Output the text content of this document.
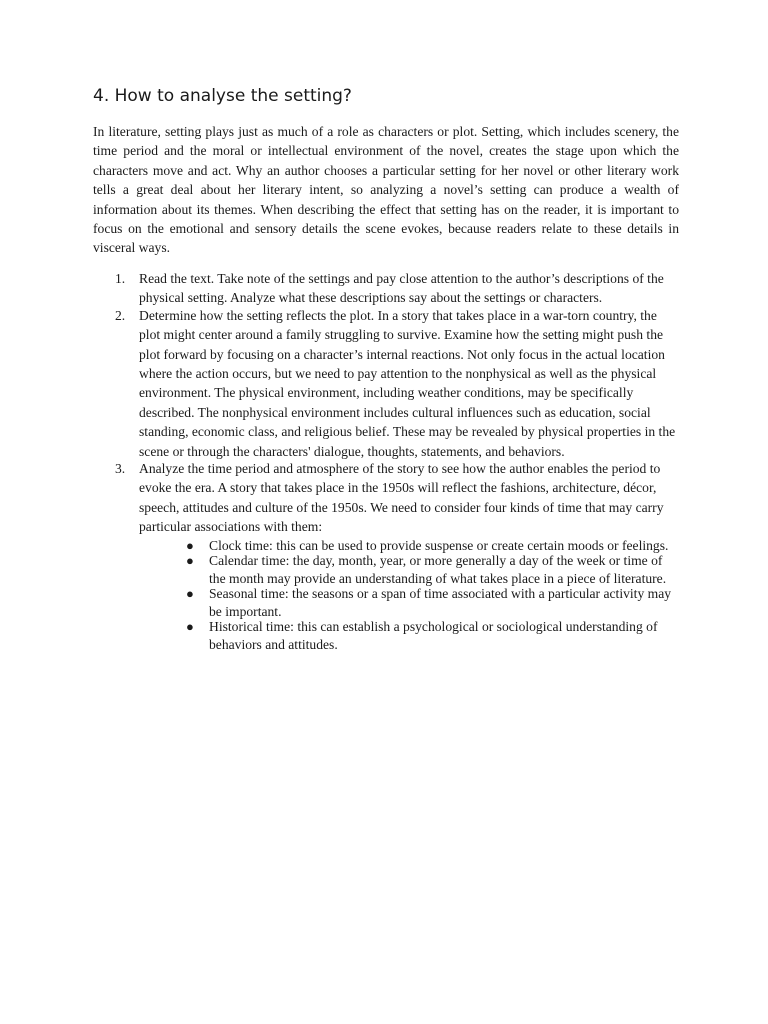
4. How to analyse the setting?

In literature, setting plays just as much of a role as characters or plot. Setting, which includes scenery, the time period and the moral or intellectual environment of the novel, creates the stage upon which the characters move and act. Why an author chooses a particular setting for her novel or other literary work tells a great deal about her literary intent, so analyzing a novel’s setting can produce a wealth of information about its themes. When describing the effect that setting has on the reader, it is important to focus on the emotional and sensory details the scene evokes, because readers relate to these details in visceral ways.

1. Read the text. Take note of the settings and pay close attention to the author’s descriptions of the physical setting. Analyze what these descriptions say about the settings or characters.
2. Determine how the setting reflects the plot. In a story that takes place in a war-torn country, the plot might center around a family struggling to survive. Examine how the setting might push the plot forward by focusing on a character’s internal reactions. Not only focus in the actual location where the action occurs, but we need to pay attention to the nonphysical as well as the physical environment. The physical environment, including weather conditions, may be specifically described. The nonphysical environment includes cultural influences such as education, social standing, economic class, and religious belief. These may be revealed by physical properties in the scene or through the characters' dialogue, thoughts, statements, and behaviors.
3. Analyze the time period and atmosphere of the story to see how the author enables the period to evoke the era. A story that takes place in the 1950s will reflect the fashions, architecture, décor, speech, attitudes and culture of the 1950s. We need to consider four kinds of time that may carry particular associations with them:
● Clock time: this can be used to provide suspense or create certain moods or feelings.
● Calendar time: the day, month, year, or more generally a day of the week or time of the month may provide an understanding of what takes place in a piece of literature.
● Seasonal time: the seasons or a span of time associated with a particular activity may be important.
● Historical time: this can establish a psychological or sociological understanding of behaviors and attitudes.
